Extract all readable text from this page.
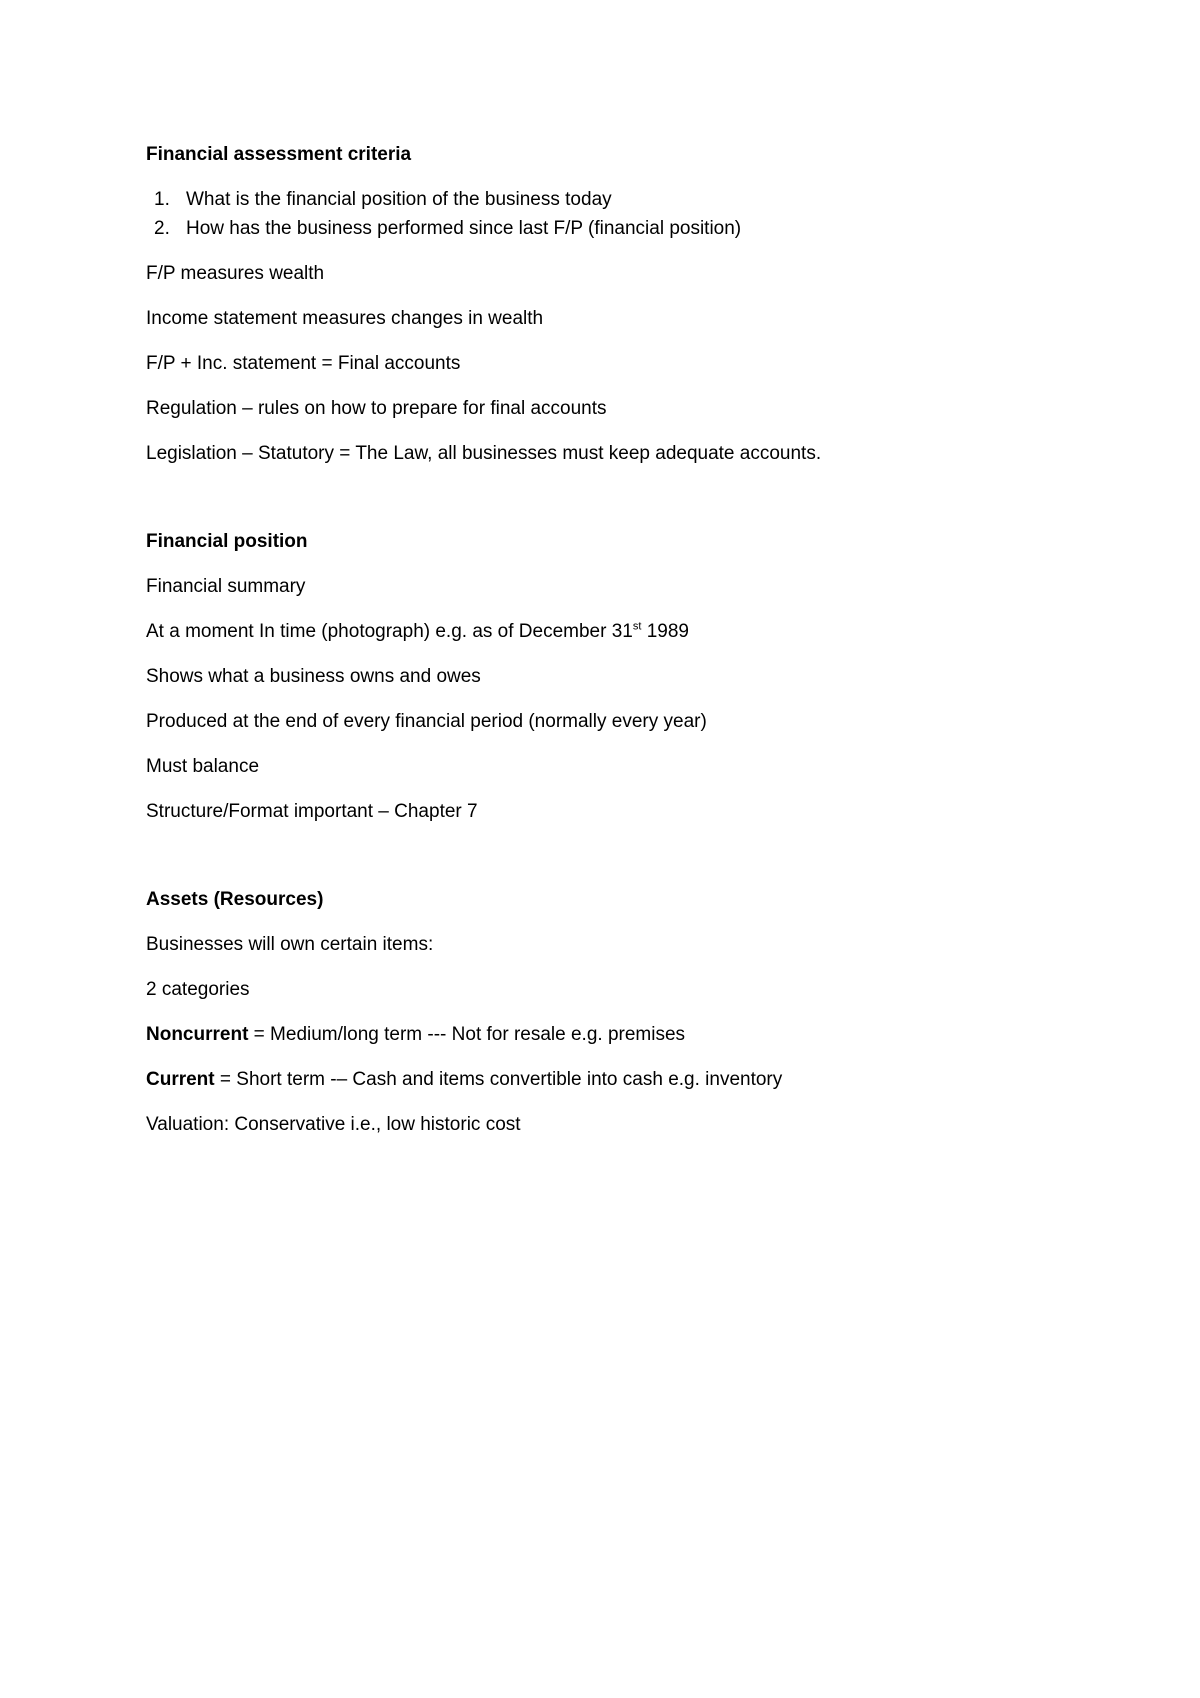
Financial assessment criteria
1. What is the financial position of the business today
2. How has the business performed since last F/P (financial position)
F/P measures wealth
Income statement measures changes in wealth
F/P + Inc. statement = Final accounts
Regulation – rules on how to prepare for final accounts
Legislation – Statutory = The Law, all businesses must keep adequate accounts.
Financial position
Financial summary
At a moment In time (photograph) e.g. as of December 31st 1989
Shows what a business owns and owes
Produced at the end of every financial period (normally every year)
Must balance
Structure/Format important – Chapter 7
Assets (Resources)
Businesses will own certain items:
2 categories
Noncurrent = Medium/long term --- Not for resale e.g. premises
Current = Short term -– Cash and items convertible into cash e.g. inventory
Valuation: Conservative i.e., low historic cost
